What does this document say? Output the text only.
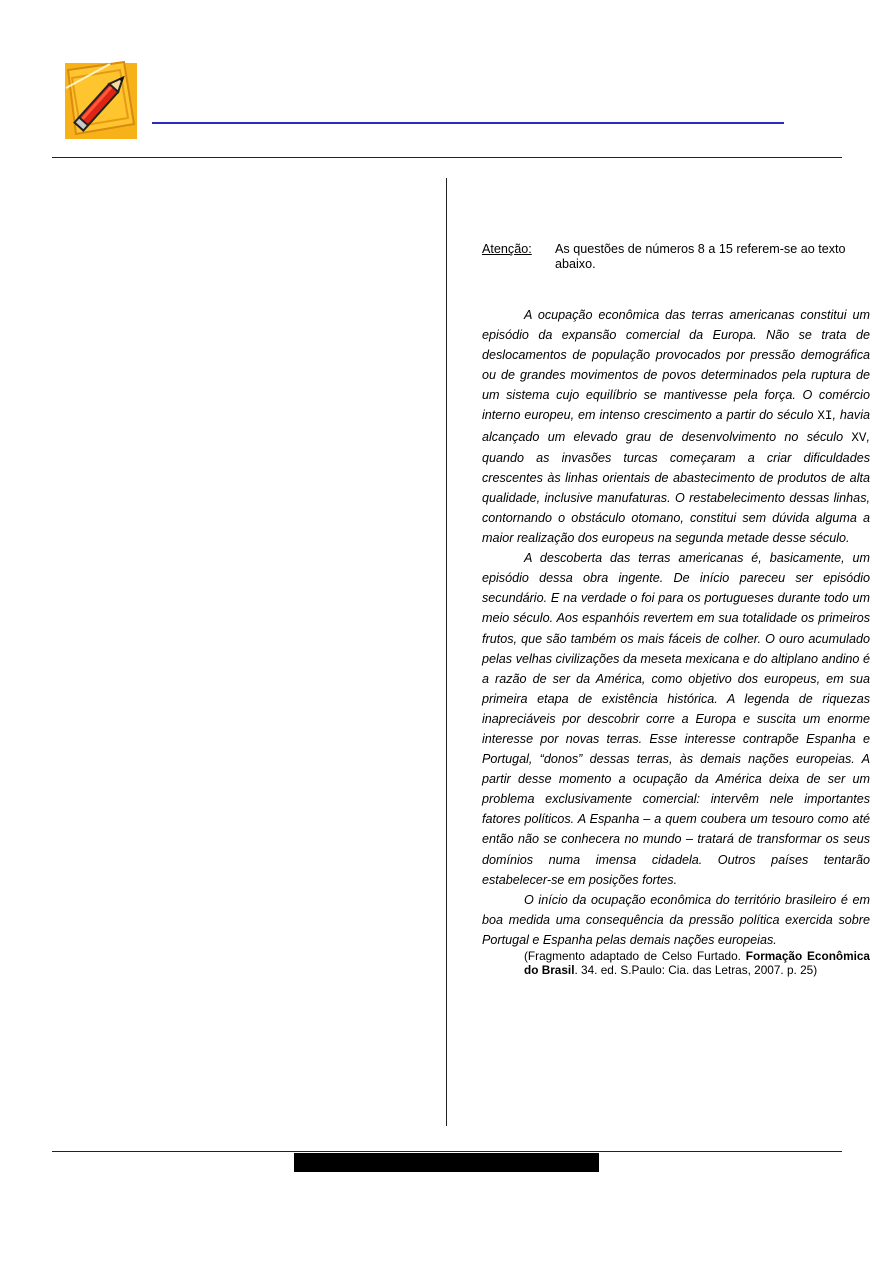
Atenção:	As questões de números 8 a 15 referem-se ao texto abaixo.

A ocupação econômica das terras americanas constitui um episódio da expansão comercial da Europa. Não se trata de deslocamentos de população provocados por pressão demográfica ou de grandes movimentos de povos determinados pela ruptura de um sistema cujo equilíbrio se mantivesse pela força. O comércio interno europeu, em intenso crescimento a partir do século XI, havia alcançado um elevado grau de desenvolvimento no século XV, quando as invasões turcas começaram a criar dificuldades crescentes às linhas orientais de abastecimento de produtos de alta qualidade, inclusive manufaturas. O restabelecimento dessas linhas, contornando o obstáculo otomano, constitui sem dúvida alguma a maior realização dos europeus na segunda metade desse século.

A descoberta das terras americanas é, basicamente, um episódio dessa obra ingente. De início pareceu ser episódio secundário. E na verdade o foi para os portugueses durante todo um meio século. Aos espanhóis revertem em sua totalidade os primeiros frutos, que são também os mais fáceis de colher. O ouro acumulado pelas velhas civilizações da meseta mexicana e do altiplano andino é a razão de ser da América, como objetivo dos europeus, em sua primeira etapa de existência histórica. A legenda de riquezas inapreciáveis por descobrir corre a Europa e suscita um enorme interesse por novas terras. Esse interesse contrapõe Espanha e Portugal, “donos” dessas terras, às demais nações europeias. A partir desse momento a ocupação da América deixa de ser um problema exclusivamente comercial: intervêm nele importantes fatores políticos. A Espanha – a quem coubera um tesouro como até então não se conhecera no mundo – tratará de transformar os seus domínios numa imensa cidadela. Outros países tentarão estabelecer-se em posições fortes.

O início da ocupação econômica do território brasileiro é em boa medida uma consequência da pressão política exercida sobre Portugal e Espanha pelas demais nações europeias.

(Fragmento adaptado de Celso Furtado. Formação Econômica do Brasil. 34. ed. S.Paulo: Cia. das Letras, 2007. p. 25)
